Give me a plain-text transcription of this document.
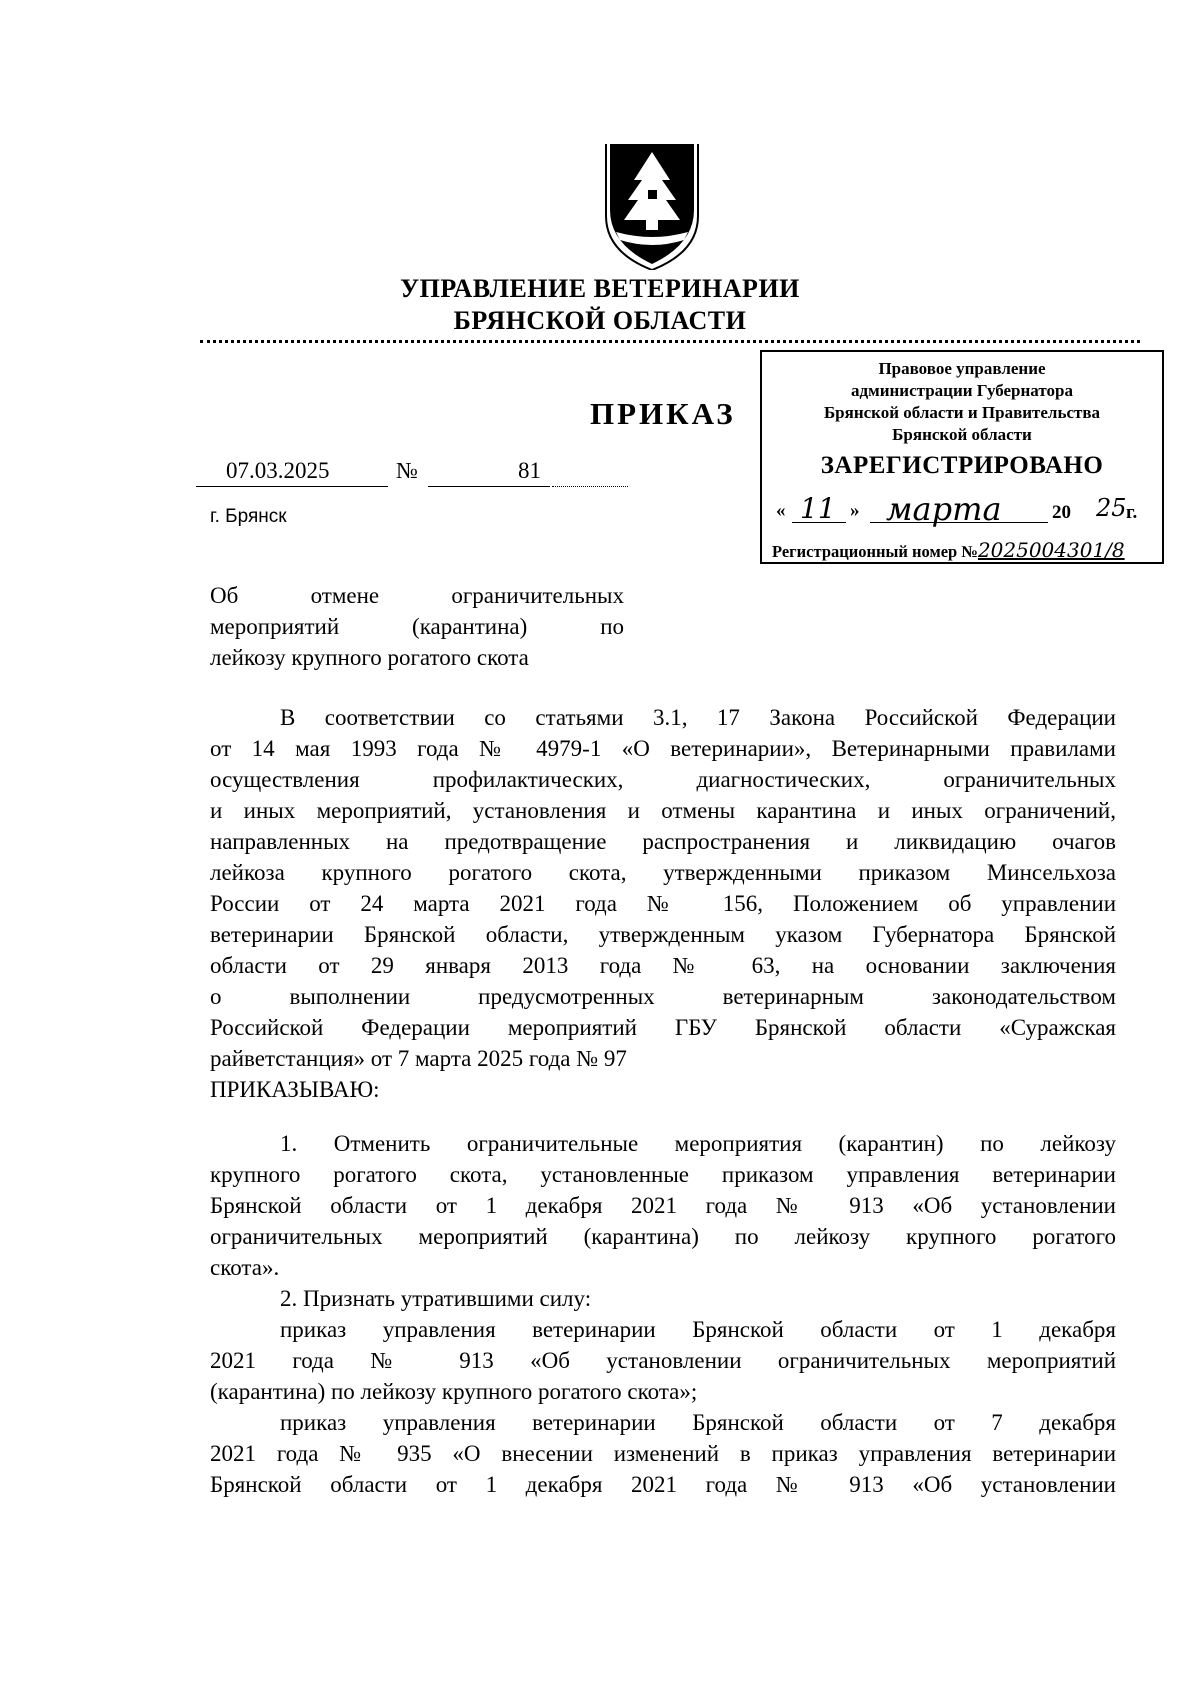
УПРАВЛЕНИЕ ВЕТЕРИНАРИИ
БРЯНСКОЙ ОБЛАСТИ
Правовое управление
администрации Губернатора
Брянской области и Правительства
Брянской области
ЗАРЕГИСТРИРОВАНО
« 11 » марта	20 25 г.
Регистрационный номер №2025004301/8
ПРИКАЗ
07.03.2025	№	81
г. Брянск
Об отмене ограничительных
мероприятий (карантина) по
лейкозу крупного рогатого скота
В соответствии со статьями 3.1, 17 Закона Российской Федерации
от 14 мая 1993 года № 4979-1 «О ветеринарии», Ветеринарными правилами
осуществления профилактических, диагностических, ограничительных
и иных мероприятий, установления и отмены карантина и иных ограничений,
направленных на предотвращение распространения и ликвидацию очагов
лейкоза крупного рогатого скота, утвержденными приказом Минсельхоза
России от 24 марта 2021 года № 156, Положением об управлении
ветеринарии Брянской области, утвержденным указом Губернатора Брянской
области от 29 января 2013 года № 63, на основании заключения
о выполнении предусмотренных ветеринарным законодательством
Российской Федерации мероприятий ГБУ Брянской области «Суражская
райветстанция» от 7 марта 2025 года № 97
ПРИКАЗЫВАЮ:
1. Отменить ограничительные мероприятия (карантин) по лейкозу
крупного рогатого скота, установленные приказом управления ветеринарии
Брянской области от 1 декабря 2021 года № 913 «Об установлении
ограничительных мероприятий (карантина) по лейкозу крупного рогатого
скота».
2. Признать утратившими силу:
приказ управления ветеринарии Брянской области от 1 декабря
2021 года № 913 «Об установлении ограничительных мероприятий
(карантина) по лейкозу крупного рогатого скота»;
приказ управления ветеринарии Брянской области от 7 декабря
2021 года № 935 «О внесении изменений в приказ управления ветеринарии
Брянской области от 1 декабря 2021 года № 913 «Об установлении
